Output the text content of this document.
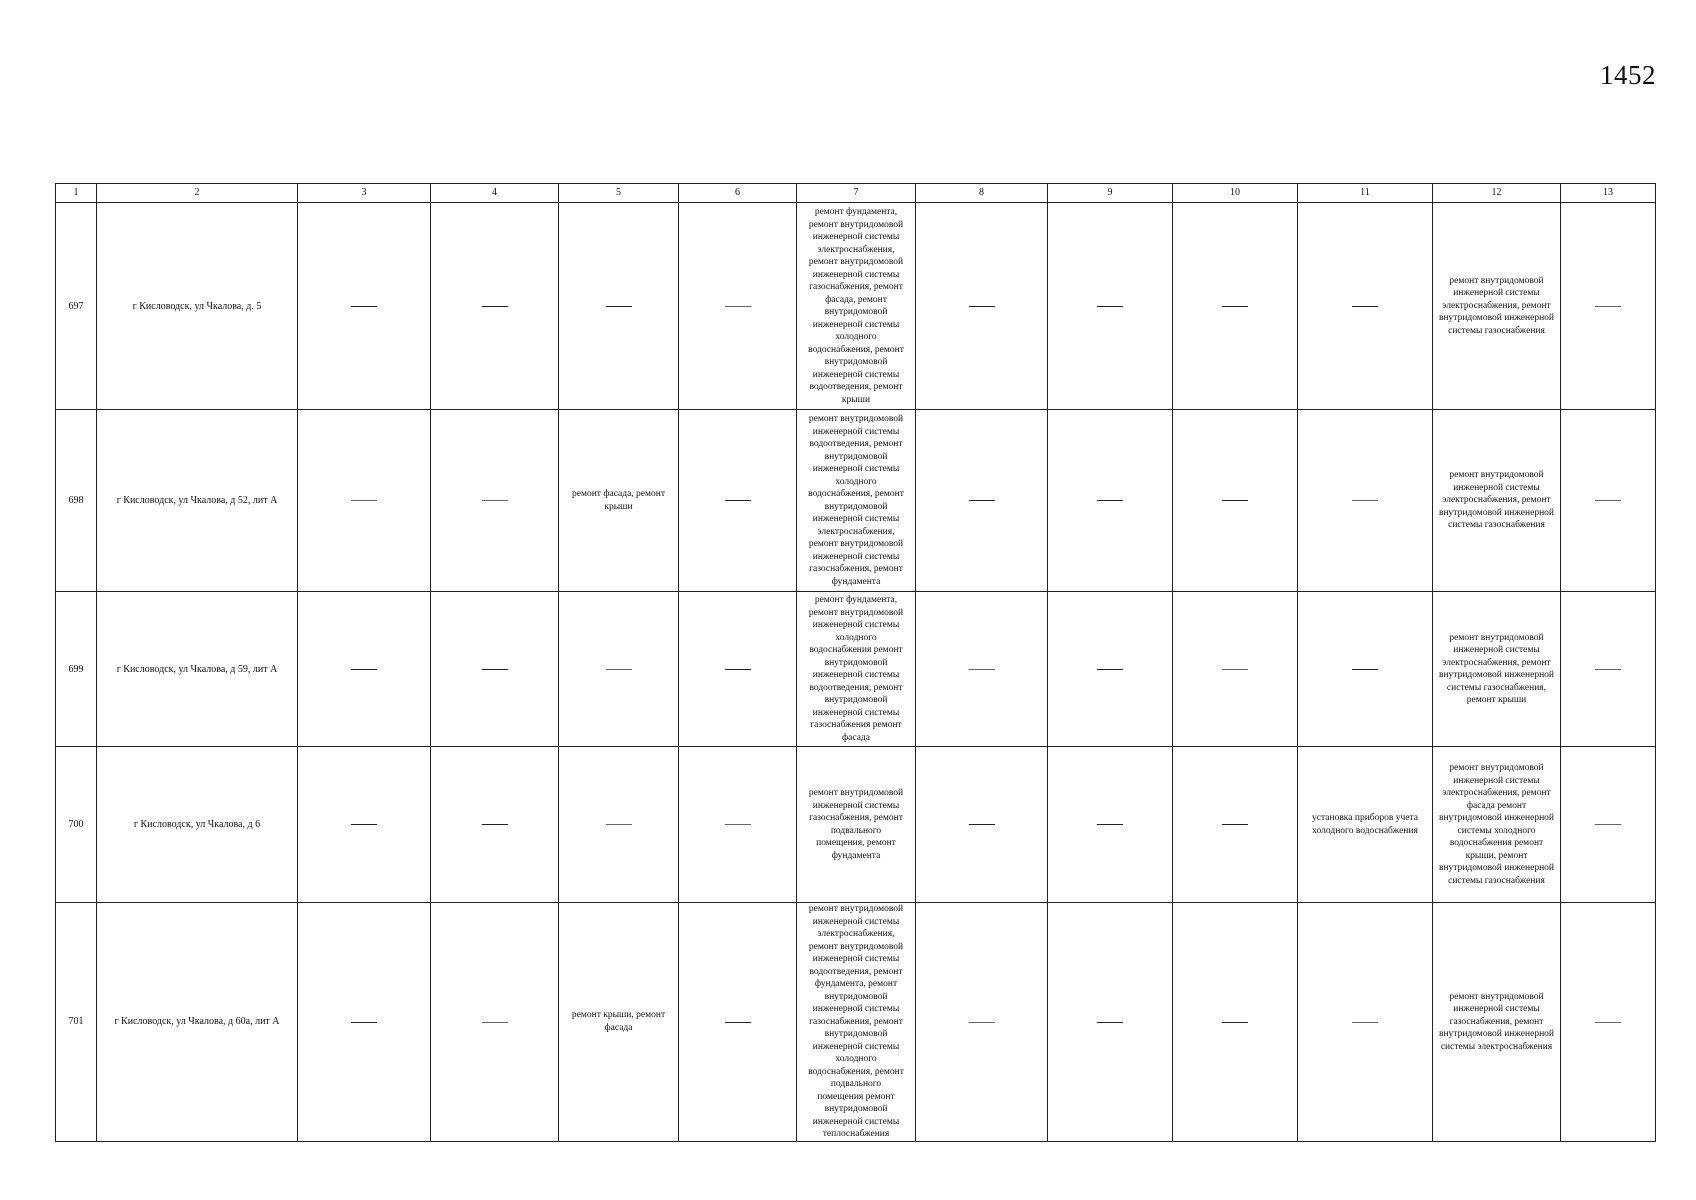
1452
1	2	3	4	5	6	7	8	9	10	11	12	13
697	г Кисловодск, ул Чкалова, д. 5					ремонт фундамента, ремонт внутридомовой инженерной системы электроснабжения, ремонт внутридомовой инженерной системы газоснабжения, ремонт фасада, ремонт внутридомовой инженерной системы холодного водоснабжения, ремонт внутридомовой инженерной системы водоотведения, ремонт крыши					ремонт внутридомовой инженерной системы электроснабжения, ремонт внутридомовой инженерной системы газоснабжения	
698	г Кисловодск, ул Чкалова, д 52, лит А			ремонт фасада, ремонт крыши		ремонт внутридомовой инженерной системы водоотведения, ремонт внутридомовой инженерной системы холодного водоснабжения, ремонт внутридомовой инженерной системы электроснабжения, ремонт внутридомовой инженерной системы газоснабжения, ремонт фундамента					ремонт внутридомовой инженерной системы электроснабжения, ремонт внутридомовой инженерной системы газоснабжения	
699	г Кисловодск, ул Чкалова, д 59, лит А					ремонт фундамента, ремонт внутридомовой инженерной системы холодного водоснабжения ремонт внутридомовой инженерной системы водоотведения, ремонт внутридомовой инженерной системы газоснабжения ремонт фасада					ремонт внутридомовой инженерной системы электроснабжения, ремонт внутридомовой инженерной системы газоснабжения, ремонт крыши	
700	г Кисловодск, ул Чкалова, д 6					ремонт внутридомовой инженерной системы газоснабжения, ремонт подвального помещения, ремонт фундамента				установка приборов учета холодного водоснабжения	ремонт внутридомовой инженерной системы электроснабжения, ремонт фасада ремонт внутридомовой инженерной системы холодного водоснабжения ремонт крыши, ремонт внутридомовой инженерной системы газоснабжения	
701	г Кисловодск, ул Чкалова, д 60а, лит А			ремонт крыши, ремонт фасада		ремонт внутридомовой инженерной системы электроснабжения, ремонт внутридомовой инженерной системы водоотведения, ремонт фундамента, ремонт внутридомовой инженерной системы газоснабжения, ремонт внутридомовой инженерной системы холодного водоснабжения, ремонт подвального помещения ремонт внутридомовой инженерной системы теплоснабжения					ремонт внутридомовой инженерной системы газоснабжения, ремонт внутридомовой инженерной системы электроснабжения	
